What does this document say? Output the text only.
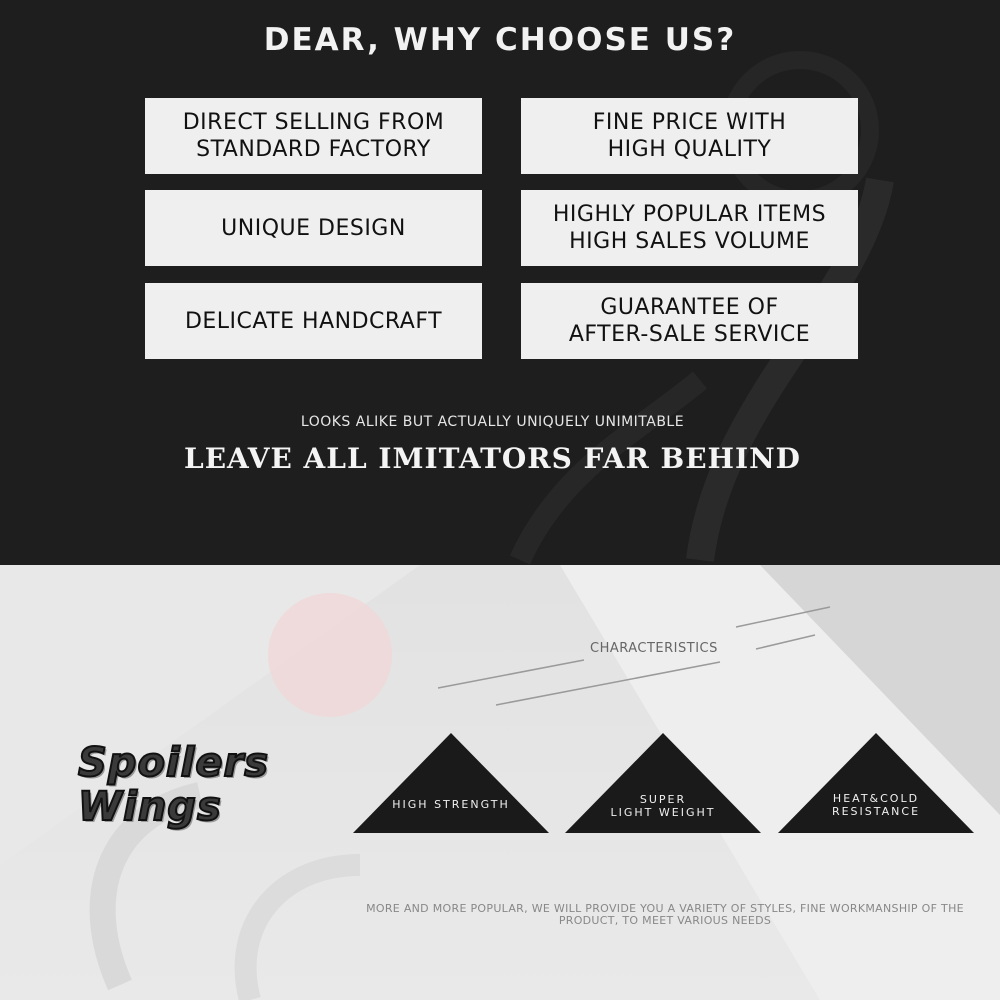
DEAR, WHY CHOOSE US?
DIRECT SELLING FROM
STANDARD FACTORY
FINE PRICE WITH
HIGH QUALITY
UNIQUE DESIGN
HIGHLY POPULAR ITEMS
HIGH SALES VOLUME
DELICATE HANDCRAFT
GUARANTEE OF
AFTER-SALE SERVICE
LOOKS ALIKE BUT ACTUALLY UNIQUELY UNIMITABLE
LEAVE ALL IMITATORS FAR BEHIND
CHARACTERISTICS
Spoilers
Wings	HIGH STRENGTH	SUPER
LIGHT WEIGHT
HEAT&COLD
RESISTANCE
MORE AND MORE POPULAR, WE WILL PROVIDE YOU A VARIETY OF STYLES, FINE WORKMANSHIP OF THE PRODUCT, TO MEET VARIOUS NEEDS
